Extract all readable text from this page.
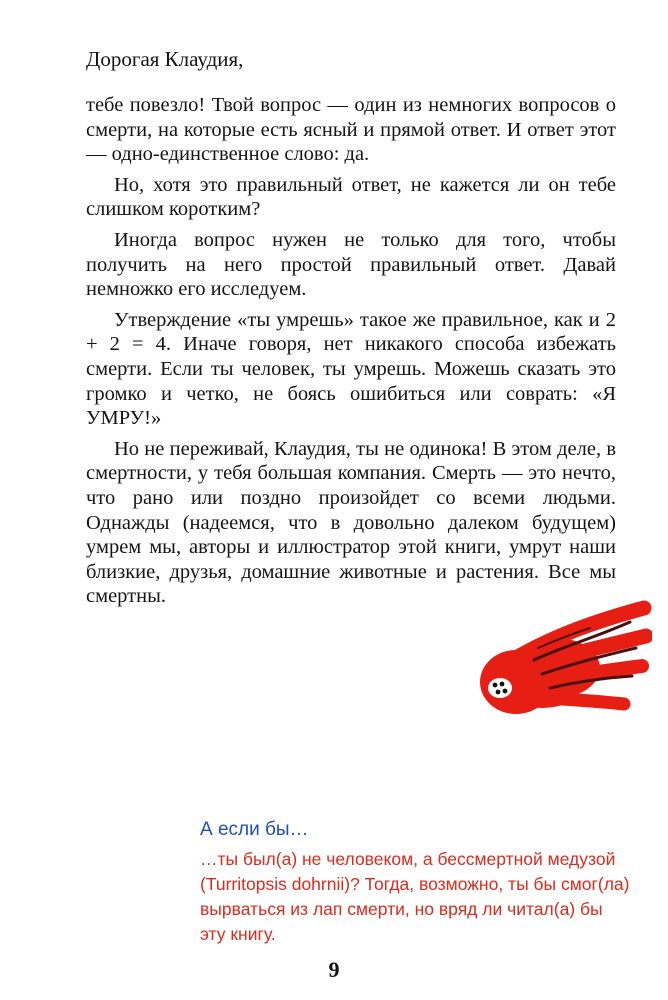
Дорогая Клаудия,

тебе повезло! Твой вопрос — один из немногих вопросов о смерти, на которые есть ясный и прямой ответ. И ответ этот — одно-единственное слово: да.

Но, хотя это правильный ответ, не кажется ли он тебе слишком коротким?

Иногда вопрос нужен не только для того, чтобы получить на него простой правильный ответ. Давай немножко его исследуем.

Утверждение «ты умрешь» такое же правильное, как и 2 + 2 = 4. Иначе говоря, нет никакого способа избежать смерти. Если ты человек, ты умрешь. Можешь сказать это громко и четко, не боясь ошибиться или соврать: «Я УМРУ!»

Но не переживай, Клаудия, ты не одинока! В этом деле, в смертности, у тебя большая компания. Смерть — это нечто, что рано или поздно произойдет со всеми людьми. Однажды (надеемся, что в довольно далеком будущем) умрем мы, авторы и иллюстратор этой книги, умрут наши близкие, друзья, домашние животные и растения. Все мы смертны.

А если бы…

…ты был(а) не человеком, а бессмертной медузой (Turritopsis dohrnii)? Тогда, возможно, ты бы смог(ла) вырваться из лап смерти, но вряд ли читал(а) бы эту книгу.

9
